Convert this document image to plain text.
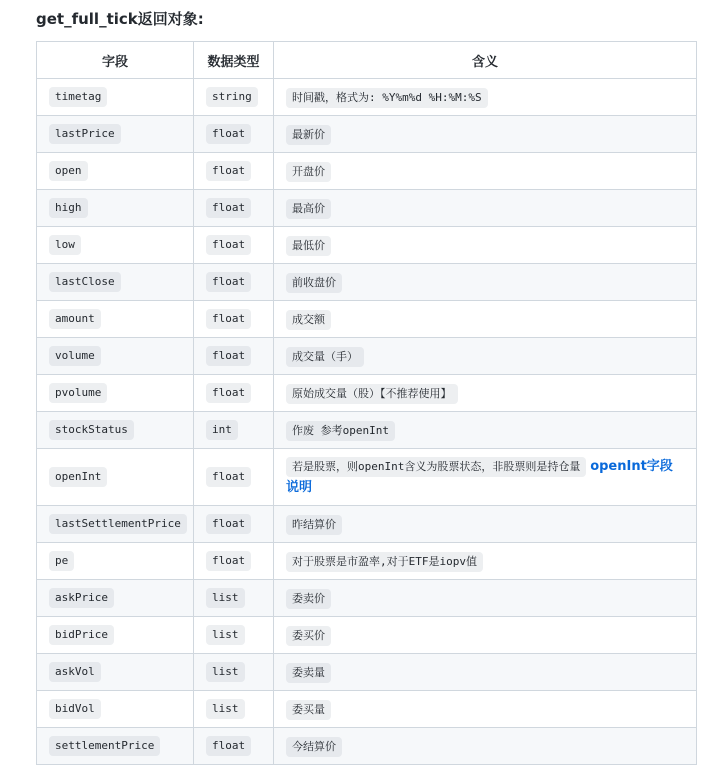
get_full_tick返回对象:
字段	数据类型	含义
timetag	string	时间戳，格式为: %Y%m%d %H:%M:%S
lastPrice	float	最新价
open	float	开盘价
high	float	最高价
low	float	最低价
lastClose	float	前收盘价
amount	float	成交额
volume	float	成交量（手）
pvolume	float	原始成交量（股）【不推荐使用】
stockStatus	int	作废 参考openInt
openInt	float	若是股票，则openInt含义为股票状态，非股票则是持仓量 openInt字段说明
lastSettlementPrice	float	昨结算价
pe	float	对于股票是市盈率,对于ETF是iopv值
askPrice	list	委卖价
bidPrice	list	委买价
askVol	list	委卖量
bidVol	list	委买量
settlementPrice	float	今结算价
